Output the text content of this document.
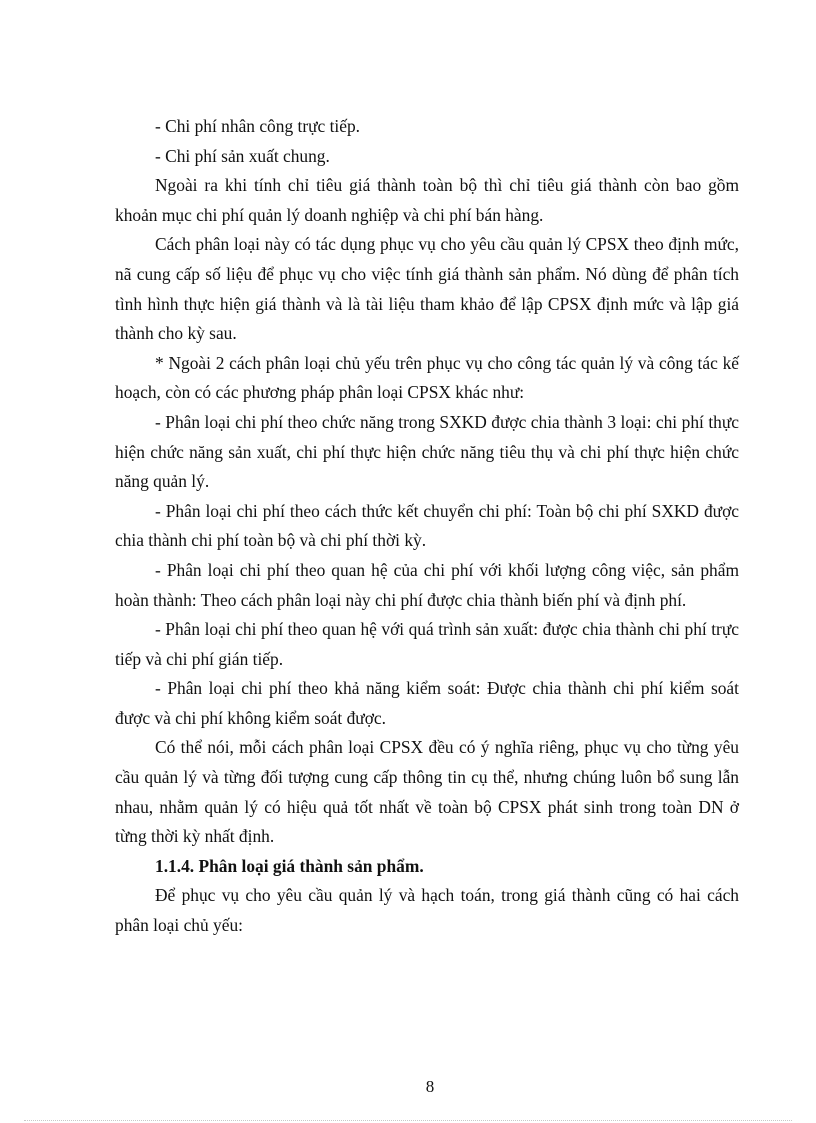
- Chi phí nhân công trực tiếp.

- Chi phí sản xuất chung.

Ngoài ra khi tính chỉ tiêu giá thành toàn bộ thì chỉ tiêu giá thành còn bao gồm khoản mục chi phí quản lý doanh nghiệp và chi phí bán hàng.

Cách phân loại này có tác dụng phục vụ cho yêu cầu quản lý CPSX theo định mức, nã cung cấp số liệu để phục vụ cho việc tính giá thành sản phẩm. Nó dùng để phân tích tình hình thực hiện giá thành và là tài liệu tham khảo để lập CPSX định mức và lập giá thành cho kỳ sau.

* Ngoài 2 cách phân loại chủ yếu trên phục vụ cho công tác quản lý và công tác kế hoạch, còn có các phương pháp phân loại CPSX khác như:

- Phân loại chi phí theo chức năng trong SXKD được chia thành 3 loại: chi phí thực hiện chức năng sản xuất, chi phí thực hiện chức năng tiêu thụ và chi phí thực hiện chức năng quản lý.

- Phân loại chi phí theo cách thức kết chuyển chi phí: Toàn bộ chi phí SXKD được chia thành chi phí toàn bộ và chi phí thời kỳ.

- Phân loại chi phí theo quan hệ của chi phí với khối lượng công việc, sản phẩm hoàn thành: Theo cách phân loại này chi phí được chia thành biến phí và định phí.

- Phân loại chi phí theo quan hệ với quá trình sản xuất: được chia thành chi phí trực tiếp và chi phí gián tiếp.

- Phân loại chi phí theo khả năng kiểm soát: Được chia thành chi phí kiểm soát được và chi phí không kiểm soát được.

Có thể nói, mỗi cách phân loại CPSX đều có ý nghĩa riêng, phục vụ cho từng yêu cầu quản lý và từng đối tượng cung cấp thông tin cụ thể, nhưng chúng luôn bổ sung lẫn nhau, nhằm quản lý có hiệu quả tốt nhất về toàn bộ CPSX phát sinh trong toàn DN ở từng thời kỳ nhất định.

1.1.4. Phân loại giá thành sản phẩm.

Để phục vụ cho yêu cầu quản lý và hạch toán, trong giá thành cũng có hai cách phân loại chủ yếu:

8
